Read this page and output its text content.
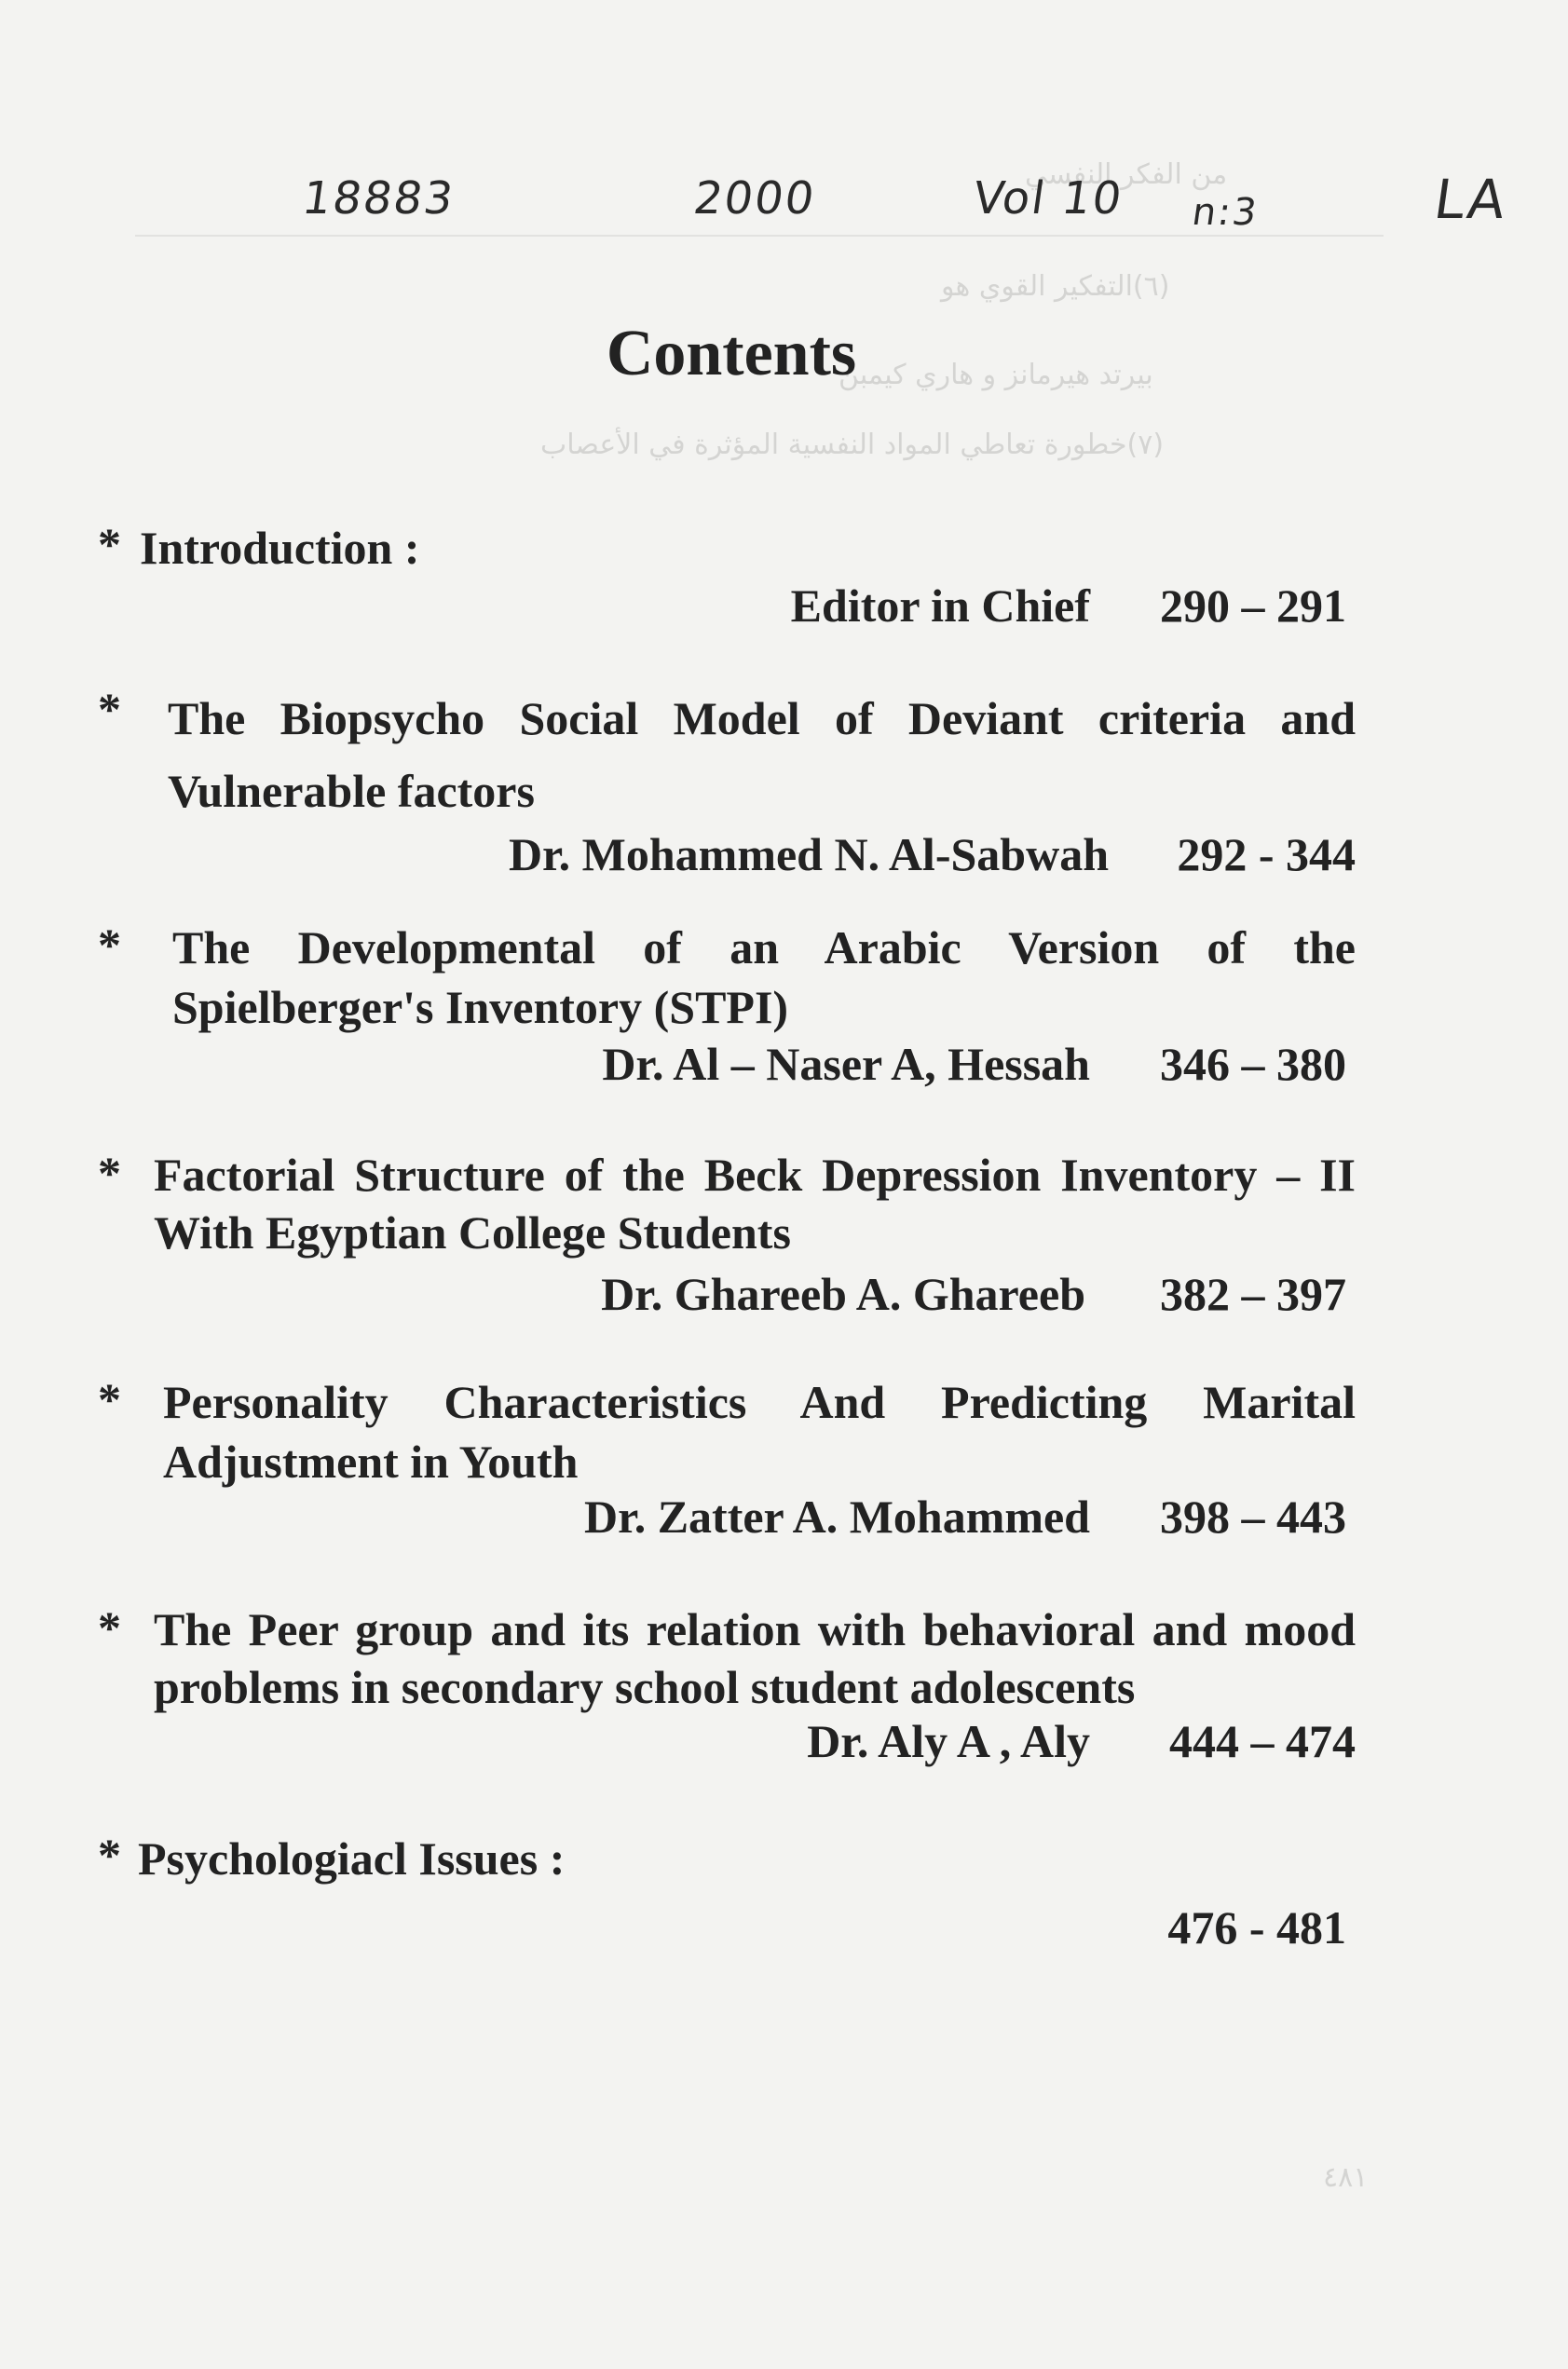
من الفكر النفسي
(٦)التفكير القوي هو
بيرتد هيرمانز و هاري كيمبن
(٧)خطورة تعاطي المواد النفسية المؤثرة في الأعصاب
٤٨١
18883	2000	Vol 10 n:3	LA
Contents
* Introduction :
Editor in Chief 290 – 291
* The Biopsycho Social Model of Deviant criteria and Vulnerable factors
Dr. Mohammed N. Al-Sabwah 292 - 344
* The Developmental of an Arabic Version of the Spielberger's Inventory (STPI)
Dr. Al – Naser A, Hessah 346 – 380
* Factorial Structure of the Beck Depression Inventory – II With Egyptian College Students
Dr. Ghareeb A. Ghareeb 382 – 397
* Personality Characteristics And Predicting Marital Adjustment in Youth
Dr. Zatter A. Mohammed 398 – 443
* The Peer group and its relation with behavioral and mood problems in secondary school student adolescents
Dr. Aly A , Aly 444 – 474
* Psychologiacl Issues :
476 - 481
